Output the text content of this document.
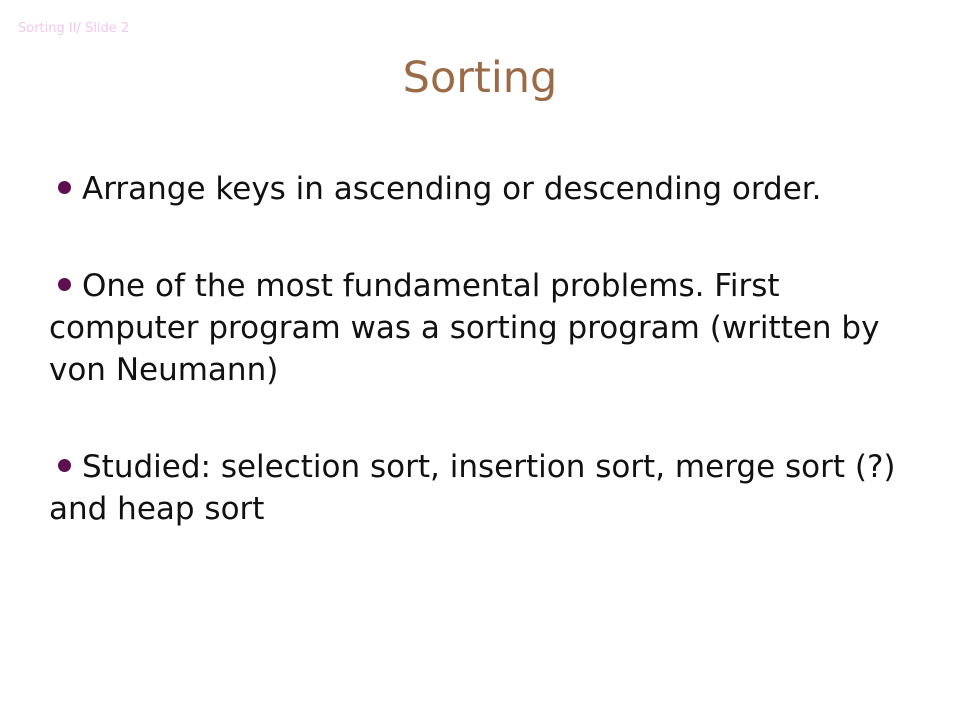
Sorting II/ Slide 2
Sorting
Arrange keys in ascending or descending order.
One of the most fundamental problems. First computer program was a sorting program (written by von Neumann)
Studied: selection sort, insertion sort, merge sort (?) and heap sort
